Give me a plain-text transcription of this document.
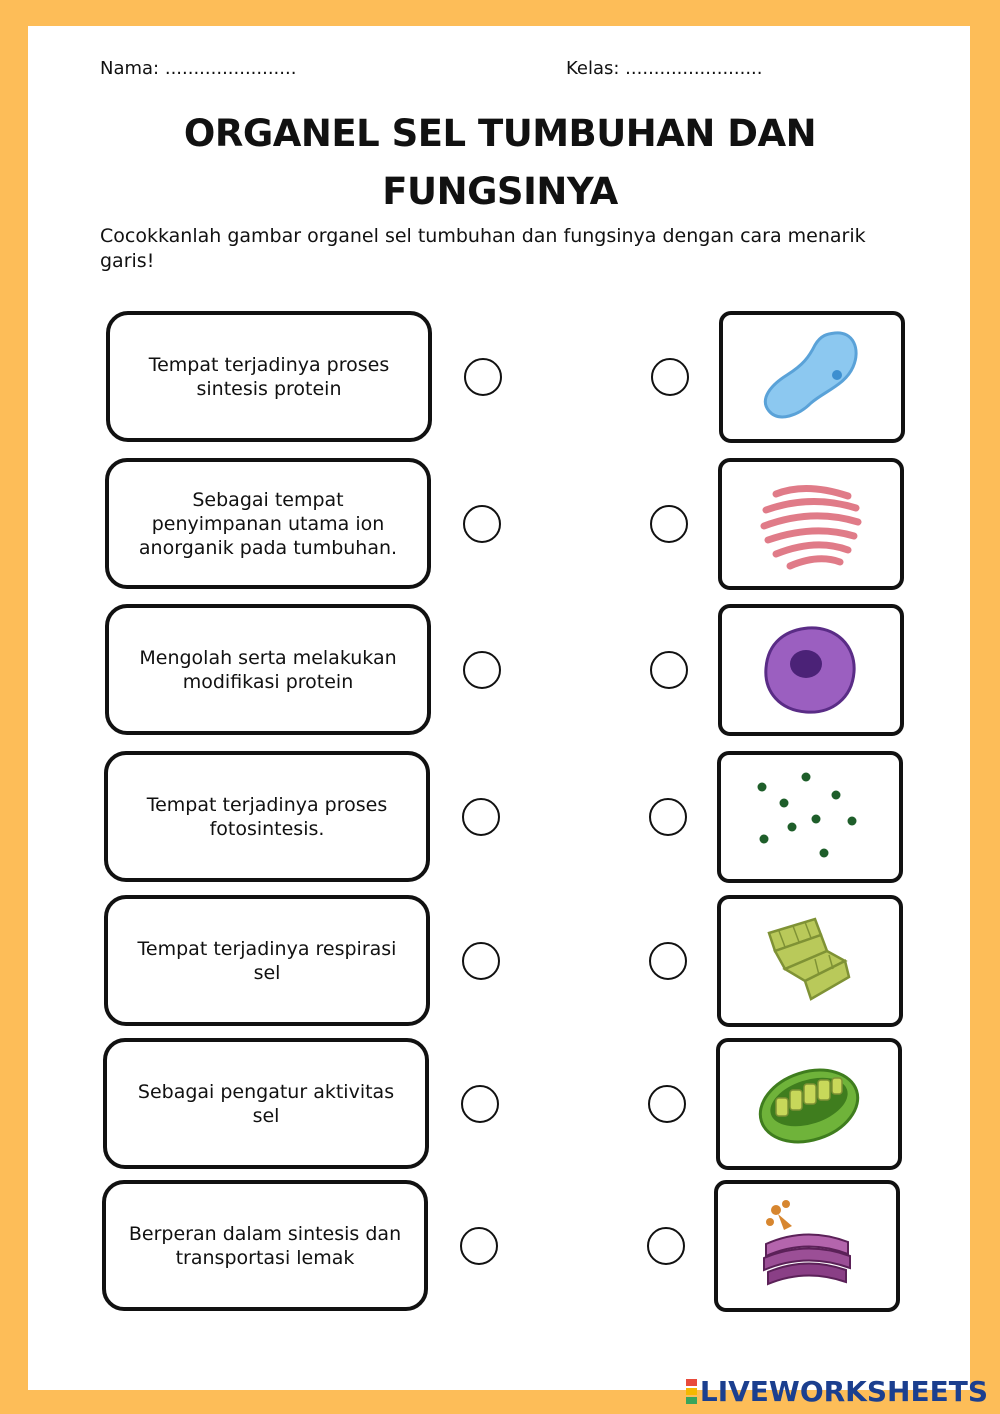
Nama: .......................	Kelas: ........................
ORGANEL SEL TUMBUHAN DAN
FUNGSINYA
Cocokkanlah gambar organel sel tumbuhan dan fungsinya dengan cara menarik garis!
Tempat terjadinya proses sintesis protein
Sebagai tempat penyimpanan utama ion anorganik pada tumbuhan.
Mengolah serta melakukan modifikasi protein
Tempat terjadinya proses fotosintesis.
Tempat terjadinya respirasi sel
Sebagai pengatur aktivitas sel
Berperan dalam sintesis dan transportasi lemak
LIVEWORKSHEETS
